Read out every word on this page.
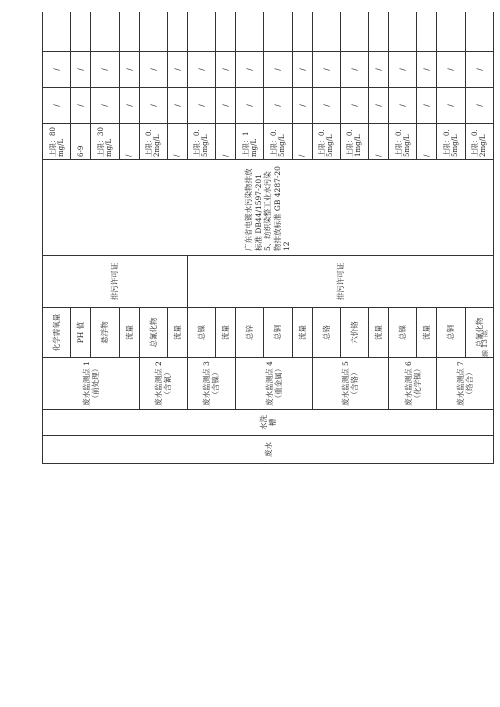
废水	水洗槽	废水监测点 1（前处理）	化学需氧量	排污许可证	广东省电镀水污染物排放标准 DB44/1597-2015、纺织染整工业水污染物排放标准 GB 4287-2012	上限：80mg/L	/	/		
			PH 值			6-9	/	/		
			悬浮物			上限：30mg/L	/	/		
			流量			/	/	/		
		废水监测点 2（含氰）	总氰化物			上限：0.2mg/L	/	/		
			流量			/	/	/		
		废水监测点 3（含镍）	总镍	排污许可证		上限：0.5mg/L	/	/		
			流量			/	/	/		
		废水监测点 4（重金属）	总锌			上限：1mg/L	/	/		
			总铜			上限：0.5mg/L	/	/		
			流量			/	/	/		
		废水监测点 5（含铬）	总铬			上限：0.5mg/L	/	/		
			六价铬			上限：0.1mg/L	/	/		
			流量			/	/	/		
		废水监测点 6（化学镍）	总镍			上限：0.5mg/L	/	/		
			流量			/	/	/		
		废水监测点 7（络合）	总铜			上限：0.5mg/L	/	/		
			总氰化物			上限：0.2mg/L	/	/		
第 13 页
